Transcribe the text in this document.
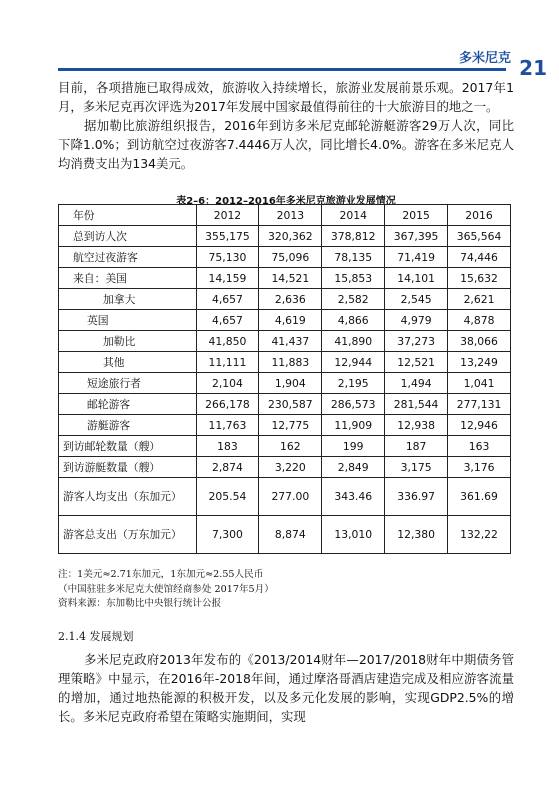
多米尼克 21

目前，各项措施已取得成效，旅游收入持续增长，旅游业发展前景乐观。2017年1月，多米尼克再次评选为2017年发展中国家最值得前往的十大旅游目的地之一。

据加勒比旅游组织报告，2016年到访多米尼克邮轮游艇游客29万人次，同比下降1.0%；到访航空过夜游客7.4446万人次，同比增长4.0%。游客在多米尼克人均消费支出为134美元。

表2–6：2012–2016年多米尼克旅游业发展情况
年份	2012	2013	2014	2015	2016
总到访人次	355,175	320,362	378,812	367,395	365,564
航空过夜游客	75,130	75,096	78,135	71,419	74,446
来自：美国	14,159	14,521	15,853	14,101	15,632
加拿大	4,657	2,636	2,582	2,545	2,621
英国	4,657	4,619	4,866	4,979	4,878
加勒比	41,850	41,437	41,890	37,273	38,066
其他	11,111	11,883	12,944	12,521	13,249
短途旅行者	2,104	1,904	2,195	1,494	1,041
邮轮游客	266,178	230,587	286,573	281,544	277,131
游艇游客	11,763	12,775	11,909	12,938	12,946
到访邮轮数量（艘）	183	162	199	187	163
到访游艇数量（艘）	2,874	3,220	2,849	3,175	3,176
游客人均支出（东加元）	205.54	277.00	343.46	336.97	361.69
游客总支出（万东加元）	7,300	8,874	13,010	12,380	132,22
注：1美元≈2.71东加元，1东加元≈2.55人民币
（中国驻驻多米尼克大使馆经商参处 2017年5月）
资料来源：东加勒比中央银行统计公报
2.1.4 发展规划

多米尼克政府2013年发布的《2013/2014财年—2017/2018财年中期债务管理策略》中显示，在2016年-2018年间，通过摩洛哥酒店建造完成及相应游客流量的增加，通过地热能源的积极开发，以及多元化发展的影响，实现GDP2.5%的增长。多米尼克政府希望在策略实施期间，实现
